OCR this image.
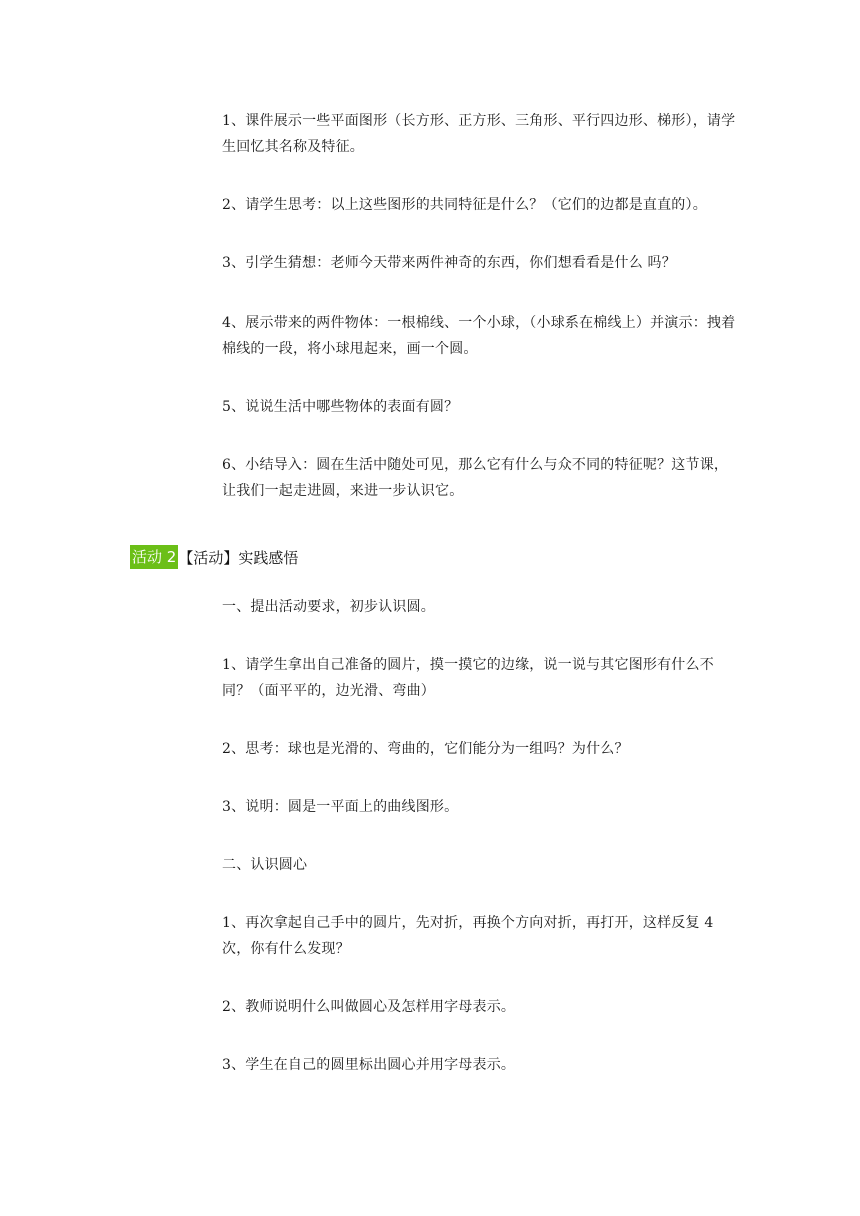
1、课件展示一些平面图形（长方形、正方形、三角形、平行四边形、梯形），请学生回忆其名称及特征。

2、请学生思考：以上这些图形的共同特征是什么？（它们的边都是直直的）。

3、引学生猜想：老师今天带来两件神奇的东西，你们想看看是什么 吗？

4、展示带来的两件物体：一根棉线、一个小球，（小球系在棉线上）并演示：拽着棉线的一段，将小球甩起来，画一个圆。

5、说说生活中哪些物体的表面有圆？

6、小结导入：圆在生活中随处可见，那么它有什么与众不同的特征呢？这节课，让我们一起走进圆，来进一步认识它。

活动 2 【活动】实践感悟

一、提出活动要求，初步认识圆。

1、请学生拿出自己准备的圆片，摸一摸它的边缘，说一说与其它图形有什么不同？（面平平的，边光滑、弯曲）

2、思考：球也是光滑的、弯曲的，它们能分为一组吗？为什么？

3、说明：圆是一平面上的曲线图形。

二、认识圆心

1、再次拿起自己手中的圆片，先对折，再换个方向对折，再打开，这样反复 4 次，你有什么发现？

2、教师说明什么叫做圆心及怎样用字母表示。

3、学生在自己的圆里标出圆心并用字母表示。
